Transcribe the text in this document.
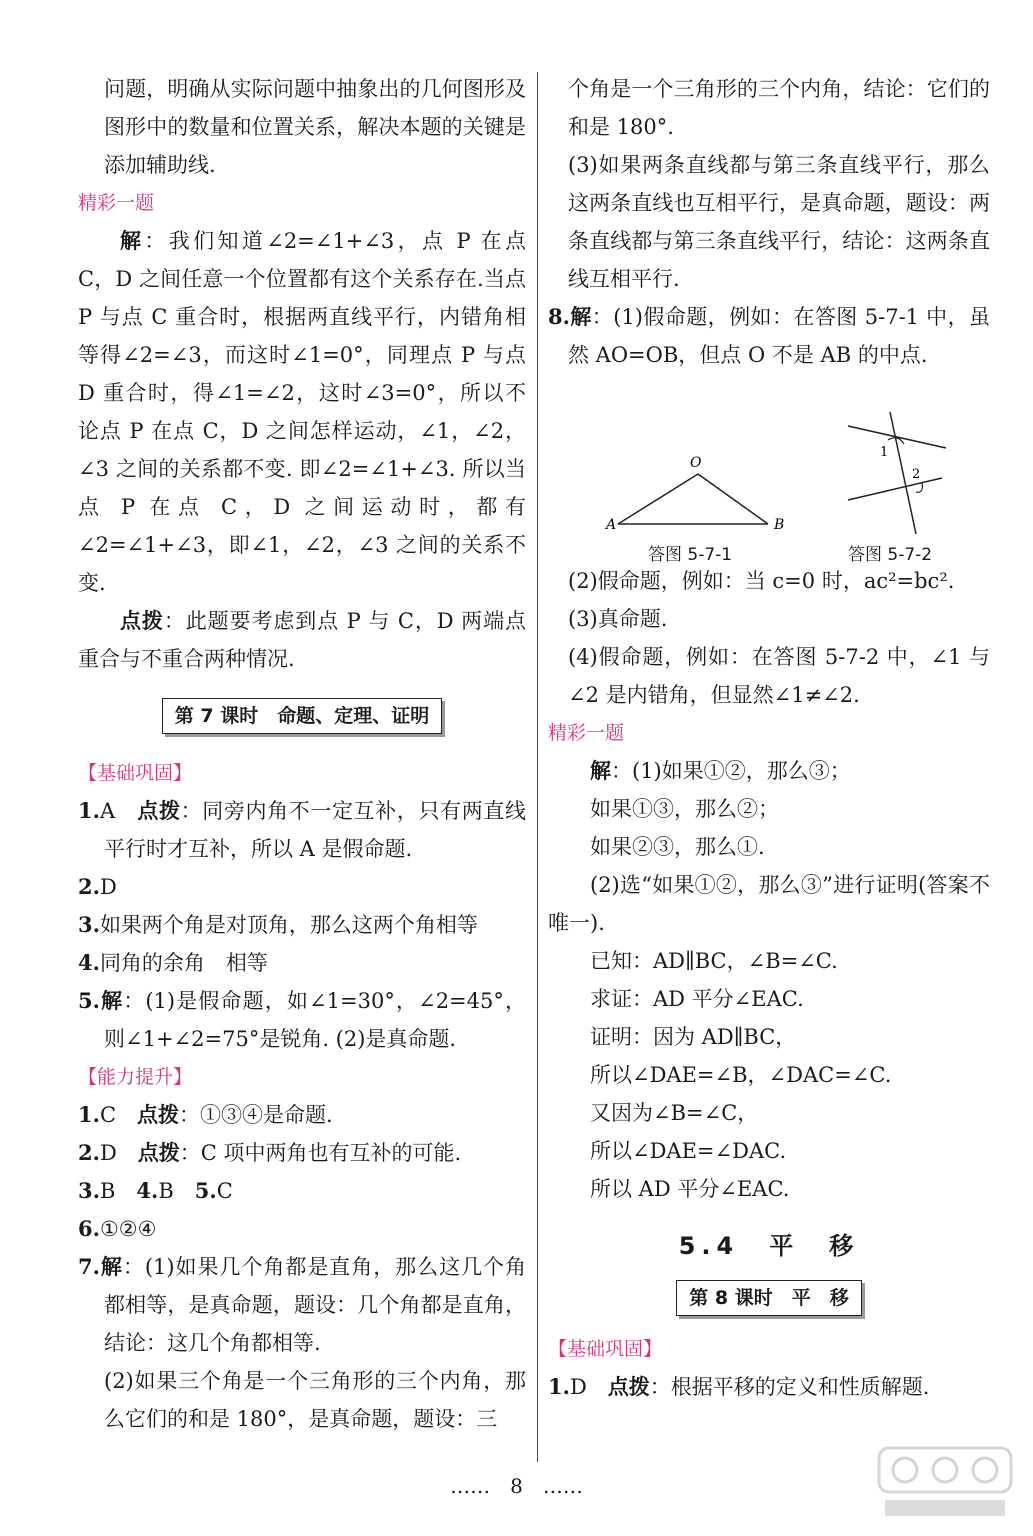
问题，明确从实际问题中抽象出的几何图形及图形中的数量和位置关系，解决本题的关键是添加辅助线.

精彩一题

解：我们知道∠2=∠1+∠3，点 P 在点 C，D 之间任意一个位置都有这个关系存在.当点 P 与点 C 重合时，根据两直线平行，内错角相等得∠2=∠3，而这时∠1=0°，同理点 P 与点 D 重合时，得∠1=∠2，这时∠3=0°，所以不论点 P 在点 C，D 之间怎样运动，∠1，∠2，∠3 之间的关系都不变. 即∠2=∠1+∠3. 所以当点 P 在点 C，D 之间运动时，都有∠2=∠1+∠3，即∠1，∠2，∠3 之间的关系不变.

点拨：此题要考虑到点 P 与 C，D 两端点重合与不重合两种情况.

第 7 课时　命题、定理、证明

【基础巩固】

1.A　 点拨：同旁内角不一定互补，只有两直线平行时才互补，所以 A 是假命题.

2.D

3.如果两个角是对顶角，那么这两个角相等

4.同角的余角　相等

5.解：(1)是假命题，如∠1=30°，∠2=45°，则∠1+∠2=75°是锐角. (2)是真命题.

【能力提升】

1.C　 点拨：①③④是命题.

2.D　 点拨：C 项中两角也有互补的可能.

3.B　4.B　5.C

6.①②④

7.解：(1)如果几个角都是直角，那么这几个角都相等，是真命题，题设：几个角都是直角，结论：这几个角都相等.

(2)如果三个角是一个三角形的三个内角，那么它们的和是 180°，是真命题，题设：三

个角是一个三角形的三个内角，结论：它们的和是 180°.

(3)如果两条直线都与第三条直线平行，那么这两条直线也互相平行，是真命题，题设：两条直线都与第三条直线平行，结论：这两条直线互相平行.

8.解：(1)假命题，例如：在答图 5-7-1 中，虽然 AO=OB，但点 O 不是 AB 的中点.

O
A	B
1
2
答图 5-7-1	答图 5-7-2

(2)假命题，例如：当 c=0 时，ac²=bc².

(3)真命题.

(4)假命题，例如：在答图 5-7-2 中，∠1 与∠2 是内错角，但显然∠1≠∠2.

精彩一题

解：(1)如果①②，那么③；

如果①③，那么②；

如果②③，那么①.

(2)选“如果①②，那么③”进行证明(答案不唯一).

已知：AD∥BC，∠B=∠C.

求证：AD 平分∠EAC.

证明：因为 AD∥BC，

所以∠DAE=∠B，∠DAC=∠C.

又因为∠B=∠C，

所以∠DAE=∠DAC.

所以 AD 平分∠EAC.

5.4　平　移
第 8 课时　平　移

【基础巩固】

1.D　 点拨：根据平移的定义和性质解题.

……　8　……
